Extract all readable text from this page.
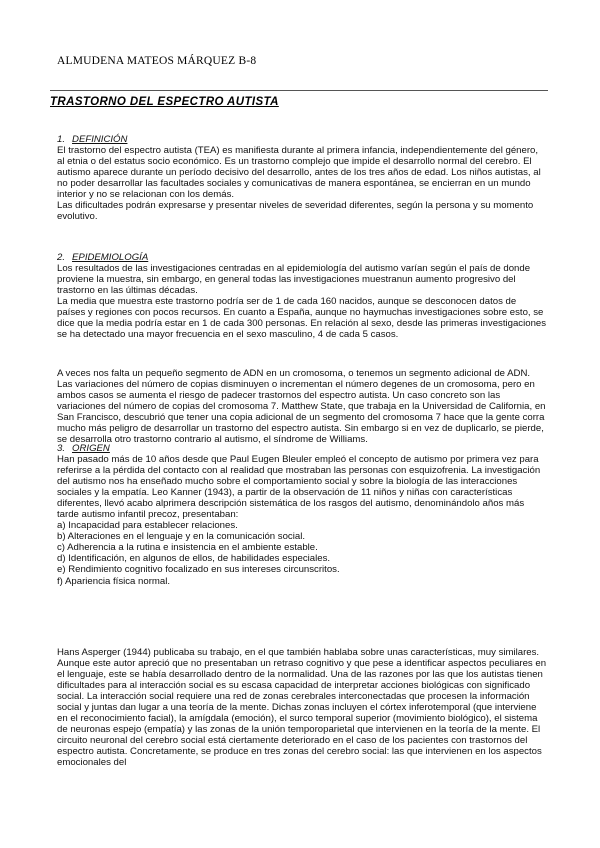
ALMUDENA MATEOS MÁRQUEZ B-8

TRASTORNO DEL ESPECTRO AUTISTA
1. DEFINICIÓN

El trastorno del espectro autista (TEA) es manifiesta durante al primera infancia, independientemente del género, al etnia o del estatus socio económico. Es un trastorno complejo que impide el desarrollo normal del cerebro. El autismo aparece durante un período decisivo del desarrollo, antes de los tres años de edad. Los niños autistas, al no poder desarrollar las facultades sociales y comunicativas de manera espontánea, se encierran en un mundo interior y no se relacionan con los demás.

Las dificultades podrán expresarse y presentar niveles de severidad diferentes, según la persona y su momento evolutivo.

2. EPIDEMIOLOGÍA

Los resultados de las investigaciones centradas en al epidemiología del autismo varían según el país de donde proviene la muestra, sin embargo, en general todas las investigaciones muestranun aumento progresivo del trastorno en las últimas décadas.

La media que muestra este trastorno podría ser de 1 de cada 160 nacidos, aunque se desconocen datos de países y regiones con pocos recursos. En cuanto a España, aunque no haymuchas investigaciones sobre esto, se dice que la media podría estar en 1 de cada 300 personas. En relación al sexo, desde las primeras investigaciones se ha detectado una mayor frecuencia en el sexo masculino, 4 de cada 5 casos.

A veces nos falta un pequeño segmento de ADN en un cromosoma, o tenemos un segmento adicional de ADN. Las variaciones del número de copias disminuyen o incrementan el número degenes de un cromosoma, pero en ambos casos se aumenta el riesgo de padecer trastornos del espectro autista. Un caso concreto son las variaciones del número de copias del cromosoma 7. Matthew State, que trabaja en la Universidad de California, en San Francisco, descubrió que tener una copia adicional de un segmento del cromosoma 7 hace que la gente corra mucho más peligro de desarrollar un trastorno del espectro autista. Sin embargo si en vez de duplicarlo, se pierde, se desarrolla otro trastorno contrario al autismo, el síndrome de Williams.

3. ORIGEN

Han pasado más de 10 años desde que Paul Eugen Bleuler empleó el concepto de autismo por primera vez para referirse a la pérdida del contacto con al realidad que mostraban las personas con esquizofrenia. La investigación del autismo nos ha enseñado mucho sobre el comportamiento social y sobre la biología de las interacciones sociales y la empatía. Leo Kanner (1943), a partir de la observación de 11 niños y niñas con características diferentes, llevó acabo alprimera descripción sistemática de los rasgos del autismo, denominándolo años más tarde autismo infantil precoz, presentaban:

a) Incapacidad para establecer relaciones.

b) Alteraciones en el lenguaje y en la comunicación social.

c) Adherencia a la rutina e insistencia en el ambiente estable.

d) Identificación, en algunos de ellos, de habilidades especiales.

e) Rendimiento cognitivo focalizado en sus intereses circunscritos.

f) Apariencia física normal.

Hans Asperger (1944) publicaba su trabajo, en el que también hablaba sobre unas características, muy similares. Aunque este autor apreció que no presentaban un retraso cognitivo y que pese a identificar aspectos peculiares en el lenguaje, este se había desarrollado dentro de la normalidad. Una de las razones por las que los autistas tienen dificultades para al interacción social es su escasa capacidad de interpretar acciones biológicas con significado social. La interacción social requiere una red de zonas cerebrales interconectadas que procesen la información social y juntas dan lugar a una teoría de la mente. Dichas zonas incluyen el córtex inferotemporal (que interviene en el reconocimiento facial), la amígdala (emoción), el surco temporal superior (movimiento biológico), el sistema de neuronas espejo (empatía) y las zonas de la unión temporoparietal que intervienen en la teoría de la mente. El circuito neuronal del cerebro social está ciertamente deteriorado en el caso de los pacientes con trastornos del espectro autista. Concretamente, se produce en tres zonas del cerebro social: las que intervienen en los aspectos emocionales del
